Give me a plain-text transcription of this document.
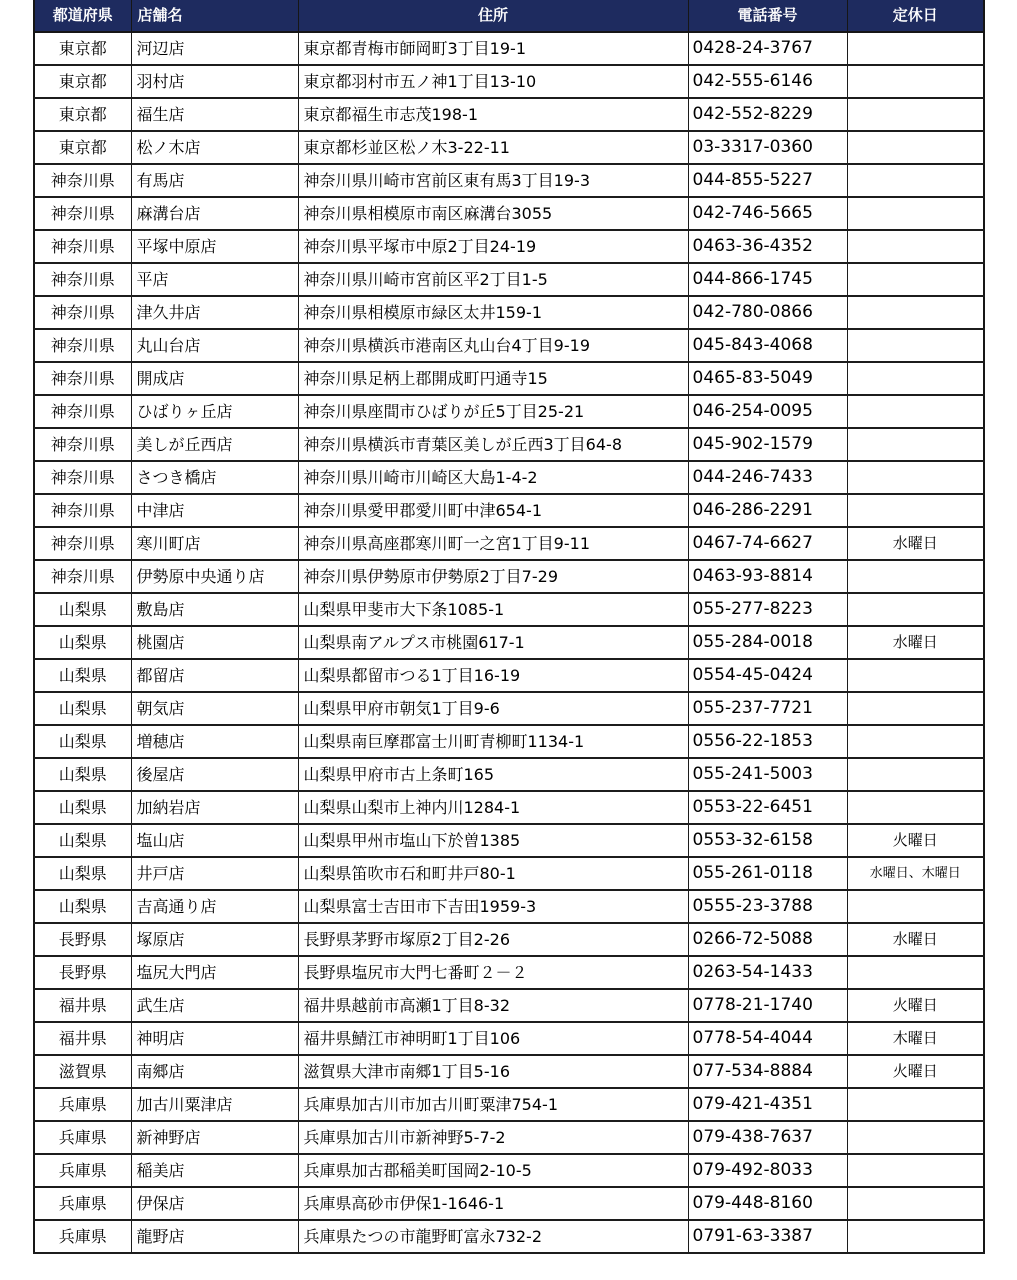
都道府県	店舗名	住所	電話番号	定休日
東京都	河辺店	東京都青梅市師岡町3丁目19-1	0428-24-3767	
東京都	羽村店	東京都羽村市五ノ神1丁目13-10	042-555-6146	
東京都	福生店	東京都福生市志茂198-1	042-552-8229	
東京都	松ノ木店	東京都杉並区松ノ木3-22-11	03-3317-0360	
神奈川県	有馬店	神奈川県川崎市宮前区東有馬3丁目19-3	044-855-5227	
神奈川県	麻溝台店	神奈川県相模原市南区麻溝台3055	042-746-5665	
神奈川県	平塚中原店	神奈川県平塚市中原2丁目24-19	0463-36-4352	
神奈川県	平店	神奈川県川崎市宮前区平2丁目1-5	044-866-1745	
神奈川県	津久井店	神奈川県相模原市緑区太井159-1	042-780-0866	
神奈川県	丸山台店	神奈川県横浜市港南区丸山台4丁目9-19	045-843-4068	
神奈川県	開成店	神奈川県足柄上郡開成町円通寺15	0465-83-5049	
神奈川県	ひばりヶ丘店	神奈川県座間市ひばりが丘5丁目25-21	046-254-0095	
神奈川県	美しが丘西店	神奈川県横浜市青葉区美しが丘西3丁目64-8	045-902-1579	
神奈川県	さつき橋店	神奈川県川崎市川崎区大島1-4-2	044-246-7433	
神奈川県	中津店	神奈川県愛甲郡愛川町中津654-1	046-286-2291	
神奈川県	寒川町店	神奈川県高座郡寒川町一之宮1丁目9-11	0467-74-6627	水曜日
神奈川県	伊勢原中央通り店	神奈川県伊勢原市伊勢原2丁目7-29	0463-93-8814	
山梨県	敷島店	山梨県甲斐市大下条1085-1	055-277-8223	
山梨県	桃園店	山梨県南アルプス市桃園617-1	055-284-0018	水曜日
山梨県	都留店	山梨県都留市つる1丁目16-19	0554-45-0424	
山梨県	朝気店	山梨県甲府市朝気1丁目9-6	055-237-7721	
山梨県	増穂店	山梨県南巨摩郡富士川町青柳町1134-1	0556-22-1853	
山梨県	後屋店	山梨県甲府市古上条町165	055-241-5003	
山梨県	加納岩店	山梨県山梨市上神内川1284-1	0553-22-6451	
山梨県	塩山店	山梨県甲州市塩山下於曽1385	0553-32-6158	火曜日
山梨県	井戸店	山梨県笛吹市石和町井戸80-1	055-261-0118	水曜日、木曜日
山梨県	吉高通り店	山梨県富士吉田市下吉田1959-3	0555-23-3788	
長野県	塚原店	長野県茅野市塚原2丁目2-26	0266-72-5088	水曜日
長野県	塩尻大門店	長野県塩尻市大門七番町２－２	0263-54-1433	
福井県	武生店	福井県越前市高瀬1丁目8-32	0778-21-1740	火曜日
福井県	神明店	福井県鯖江市神明町1丁目106	0778-54-4044	木曜日
滋賀県	南郷店	滋賀県大津市南郷1丁目5-16	077-534-8884	火曜日
兵庫県	加古川粟津店	兵庫県加古川市加古川町粟津754-1	079-421-4351	
兵庫県	新神野店	兵庫県加古川市新神野5-7-2	079-438-7637	
兵庫県	稲美店	兵庫県加古郡稲美町国岡2-10-5	079-492-8033	
兵庫県	伊保店	兵庫県高砂市伊保1-1646-1	079-448-8160	
兵庫県	龍野店	兵庫県たつの市龍野町富永732-2	0791-63-3387	
